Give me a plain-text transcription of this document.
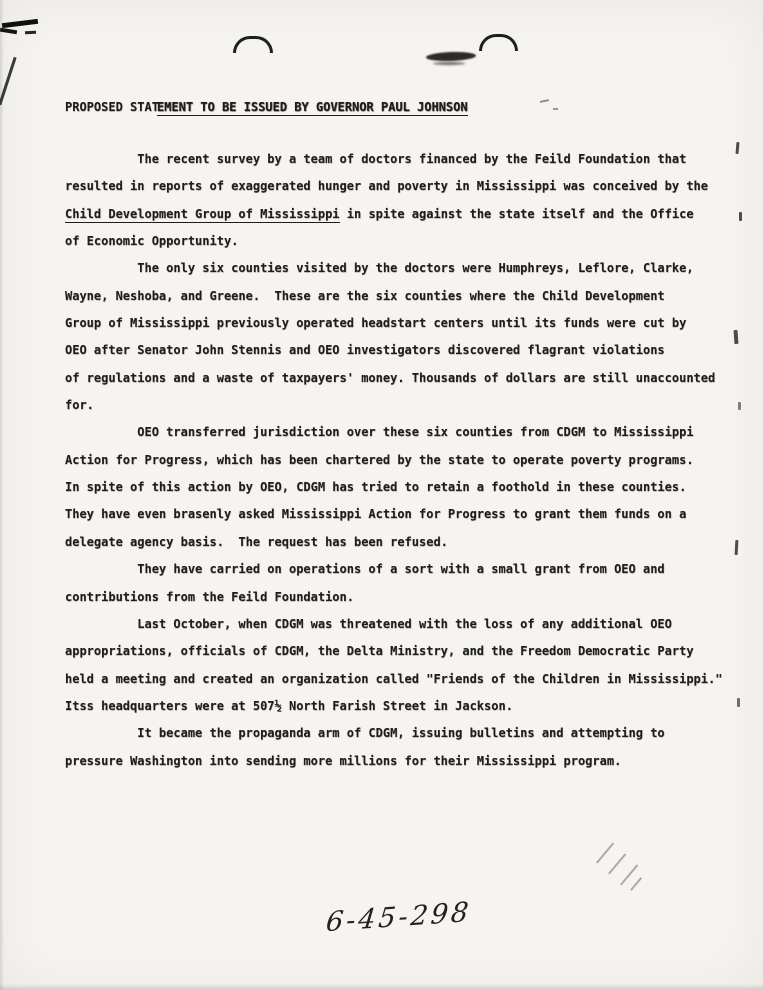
PROPOSED STATEMENT TO BE ISSUED BY GOVERNOR PAUL JOHNSON
The recent survey by a team of doctors financed by the Feild Foundation that
resulted in reports of exaggerated hunger and poverty in Mississippi was conceived by the
Child Development Group of Mississippi in spite against the state itself and the Office
of Economic Opportunity.
The only six counties visited by the doctors were Humphreys, Leflore, Clarke,
Wayne, Neshoba, and Greene.  These are the six counties where the Child Development
Group of Mississippi previously operated headstart centers until its funds were cut by
OEO after Senator John Stennis and OEO investigators discovered flagrant violations
of regulations and a waste of taxpayers' money. Thousands of dollars are still unaccounted
for.
OEO transferred jurisdiction over these six counties from CDGM to Mississippi
Action for Progress, which has been chartered by the state to operate poverty programs.
In spite of this action by OEO, CDGM has tried to retain a foothold in these counties.
They have even brasenly asked Mississippi Action for Progress to grant them funds on a
delegate agency basis.  The request has been refused.
They have carried on operations of a sort with a small grant from OEO and
contributions from the Feild Foundation.
Last October, when CDGM was threatened with the loss of any additional OEO
appropriations, officials of CDGM, the Delta Ministry, and the Freedom Democratic Party
held a meeting and created an organization called "Friends of the Children in Mississippi."
Itss headquarters were at 507½ North Farish Street in Jackson.
It became the propaganda arm of CDGM, issuing bulletins and attempting to
pressure Washington into sending more millions for their Mississippi program.
6-45-298
